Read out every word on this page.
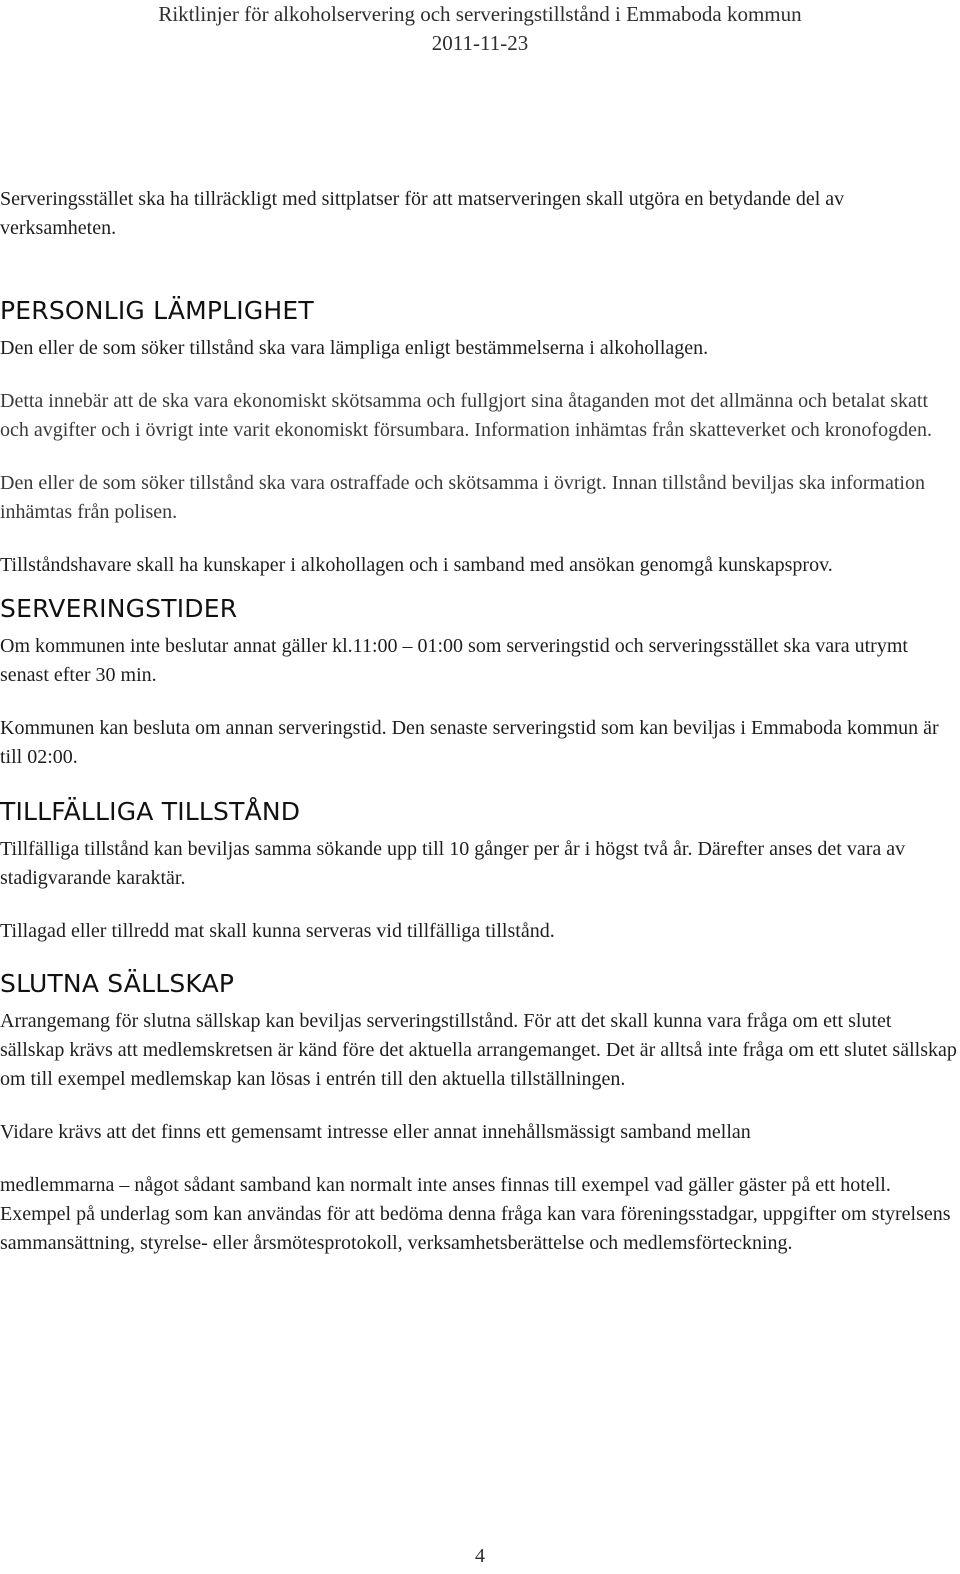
Riktlinjer för alkoholservering och serveringstillstånd i Emmaboda kommun
2011-11-23

Serveringsstället ska ha tillräckligt med sittplatser för att matserveringen skall utgöra en betydande del av verksamheten.

PERSONLIG LÄMPLIGHET

Den eller de som söker tillstånd ska vara lämpliga enligt bestämmelserna i alkohollagen.

Detta innebär att de ska vara ekonomiskt skötsamma och fullgjort sina åtaganden mot det allmänna och betalat skatt och avgifter och i övrigt inte varit ekonomiskt försumbara. Information inhämtas från skatteverket och kronofogden.

Den eller de som söker tillstånd ska vara ostraffade och skötsamma i övrigt. Innan tillstånd beviljas ska information inhämtas från polisen.

Tillståndshavare skall ha kunskaper i alkohollagen och i samband med ansökan genomgå kunskapsprov.

SERVERINGSTIDER

Om kommunen inte beslutar annat gäller kl.11:00 – 01:00 som serveringstid och serveringsstället ska vara utrymt senast efter 30 min.

Kommunen kan besluta om annan serveringstid. Den senaste serveringstid som kan beviljas i Emmaboda kommun är till 02:00.

TILLFÄLLIGA TILLSTÅND

Tillfälliga tillstånd kan beviljas samma sökande upp till 10 gånger per år i högst två år. Därefter anses det vara av stadigvarande karaktär.

Tillagad eller tillredd mat skall kunna serveras vid tillfälliga tillstånd.

SLUTNA SÄLLSKAP

Arrangemang för slutna sällskap kan beviljas serveringstillstånd. För att det skall kunna vara fråga om ett slutet sällskap krävs att medlemskretsen är känd före det aktuella arrangemanget. Det är alltså inte fråga om ett slutet sällskap om till exempel medlemskap kan lösas i entrén till den aktuella tillställningen.

Vidare krävs att det finns ett gemensamt intresse eller annat innehållsmässigt samband mellan

medlemmarna – något sådant samband kan normalt inte anses finnas till exempel vad gäller gäster på ett hotell. Exempel på underlag som kan användas för att bedöma denna fråga kan vara föreningsstadgar, uppgifter om styrelsens sammansättning, styrelse- eller årsmötesprotokoll, verksamhetsberättelse och medlemsförteckning.

4
